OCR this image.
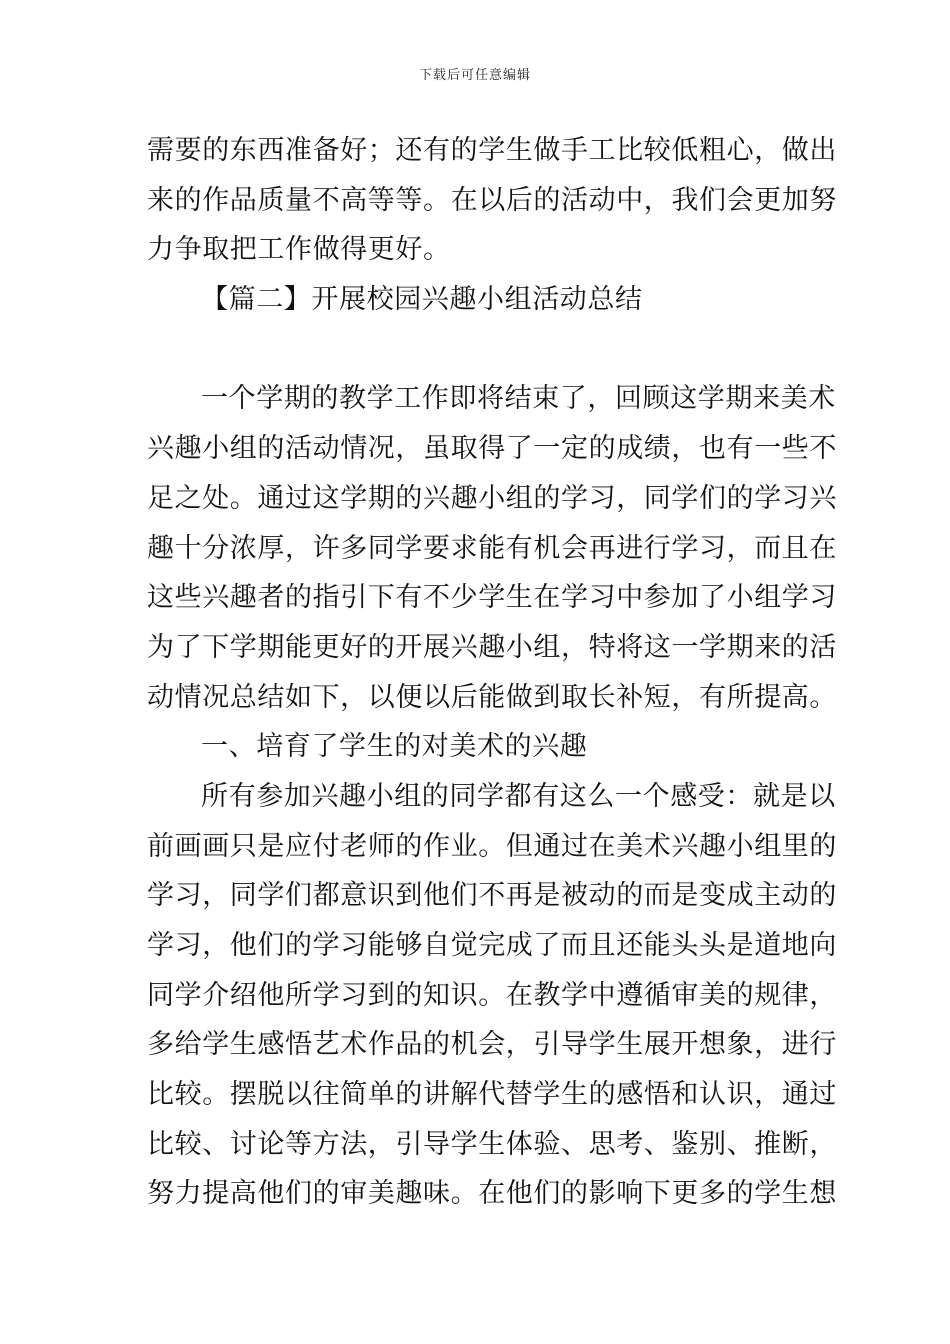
下载后可任意编辑
需要的东西准备好；还有的学生做手工比较低粗心，做出
来的作品质量不高等等。在以后的活动中，我们会更加努
力争取把工作做得更好。
【篇二】开展校园兴趣小组活动总结
一个学期的教学工作即将结束了，回顾这学期来美术
兴趣小组的活动情况，虽取得了一定的成绩，也有一些不
足之处。通过这学期的兴趣小组的学习，同学们的学习兴
趣十分浓厚，许多同学要求能有机会再进行学习，而且在
这些兴趣者的指引下有不少学生在学习中参加了小组学习
为了下学期能更好的开展兴趣小组，特将这一学期来的活
动情况总结如下，以便以后能做到取长补短，有所提高。
一、培育了学生的对美术的兴趣
所有参加兴趣小组的同学都有这么一个感受：就是以
前画画只是应付老师的作业。但通过在美术兴趣小组里的
学习，同学们都意识到他们不再是被动的而是变成主动的
学习，他们的学习能够自觉完成了而且还能头头是道地向
同学介绍他所学习到的知识。在教学中遵循审美的规律，
多给学生感悟艺术作品的机会，引导学生展开想象，进行
比较。摆脱以往简单的讲解代替学生的感悟和认识，通过
比较、讨论等方法，引导学生体验、思考、鉴别、推断，
努力提高他们的审美趣味。在他们的影响下更多的学生想
